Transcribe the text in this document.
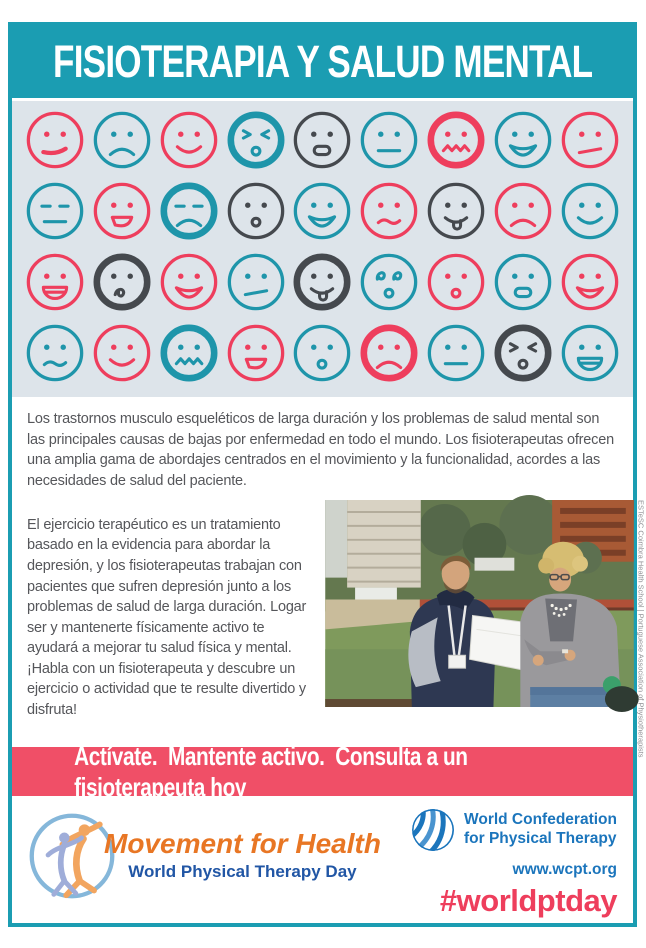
FISIOTERAPIA Y SALUD MENTAL

Los trastornos musculo esqueléticos de larga duración y los problemas de salud mental son las principales causas de bajas por enfermedad en todo el mundo. Los fisioterapeutas ofrecen una amplia gama de abordajes centrados en el movimiento y la funcionalidad, acordes a las necesidades de salud del paciente.

El ejercicio terapéutico es un tratamiento basado en la evidencia para abordar la depresión, y los fisioterapeutas trabajan con pacientes que sufren depresión junto a los problemas de salud de larga duración. Logar ser y mantenerte físicamente activo te ayudará a mejorar tu salud física y mental. ¡Habla con un fisioterapeuta y descubre un ejercicio o actividad que te resulte divertido y disfruta!	ESTeSC Coimbra Health School | Portuguese Association of Physiotherapists
Actívate.  Mantente activo.  Consulta a un fisioterapeuta hoy
Movement for Health
World Physical Therapy Day
World Confederation
for Physical Therapy
www.wcpt.org
#worldptday
